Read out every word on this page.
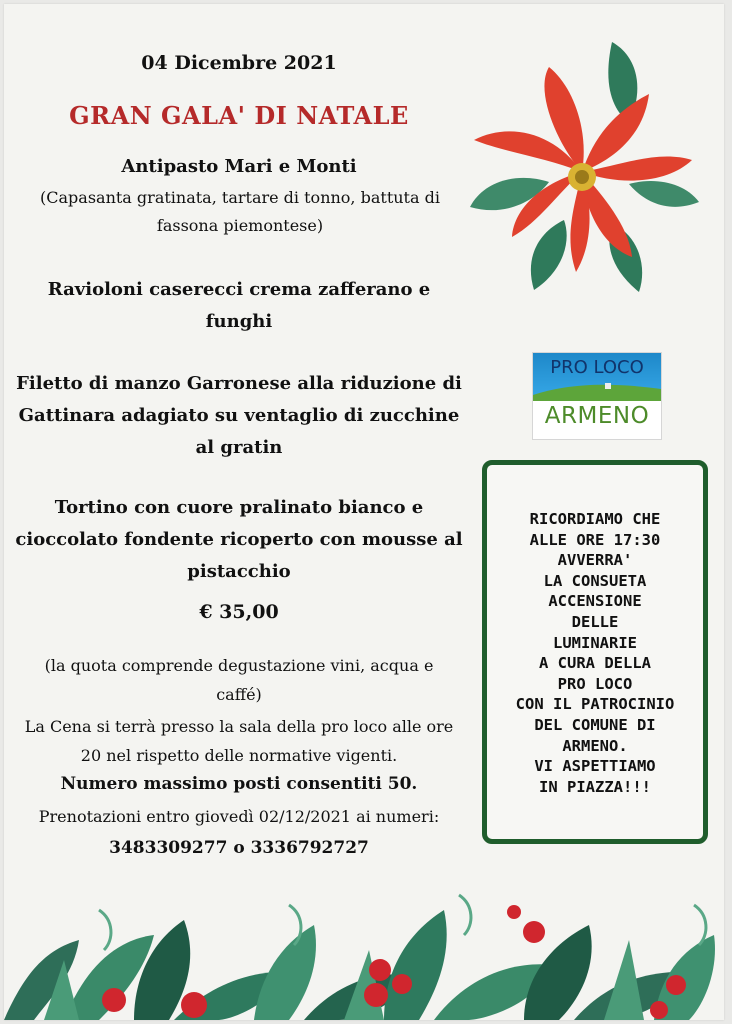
04 Dicembre 2021
GRAN GALA' DI NATALE
Antipasto Mari e Monti
(Capasanta gratinata, tartare di tonno, battuta di
fassona piemontese)
Ravioloni caserecci crema zafferano e
funghi
Filetto di manzo Garronese alla riduzione di
Gattinara adagiato su ventaglio di zucchine
al gratin
Tortino con cuore pralinato bianco e
cioccolato fondente ricoperto con mousse al
pistacchio
€ 35,00
(la quota comprende degustazione vini, acqua e
caffé)
La Cena si terrà presso la sala della pro loco alle ore
20 nel rispetto delle normative vigenti.
Numero massimo posti consentiti 50.
Prenotazioni entro giovedì 02/12/2021 ai numeri:
3483309277 o 3336792727
PRO LOCO
ARMENO
RICORDIAMO CHE
ALLE ORE 17:30
AVVERRA'
LA CONSUETA
ACCENSIONE
DELLE
LUMINARIE
A CURA DELLA
PRO LOCO
CON IL PATROCINIO
DEL COMUNE DI
ARMENO.
VI ASPETTIAMO
IN PIAZZA!!!
